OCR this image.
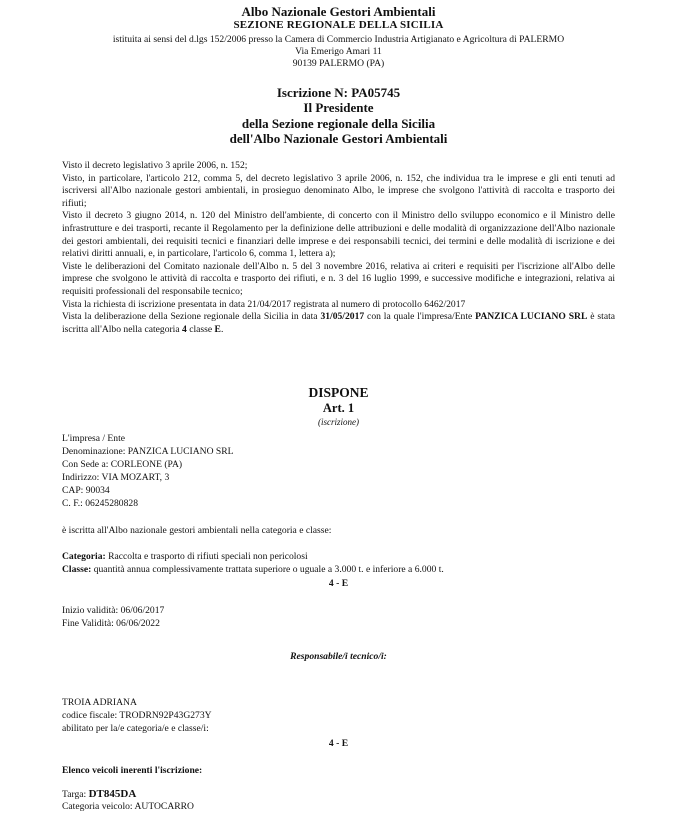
Albo Nazionale Gestori Ambientali
SEZIONE REGIONALE DELLA SICILIA
istituita ai sensi del d.lgs 152/2006 presso la Camera di Commercio Industria Artigianato e Agricoltura di PALERMO
Via Emerigo Amari 11
90139 PALERMO (PA)
Iscrizione N: PA05745
Il Presidente
della Sezione regionale della Sicilia
dell'Albo Nazionale Gestori Ambientali

Visto il decreto legislativo 3 aprile 2006, n. 152;

Visto, in particolare, l'articolo 212, comma 5, del decreto legislativo 3 aprile 2006, n. 152, che individua tra le imprese e gli enti tenuti ad iscriversi all'Albo nazionale gestori ambientali, in prosieguo denominato Albo, le imprese che svolgono l'attività di raccolta e trasporto dei rifiuti;

Visto il decreto 3 giugno 2014, n. 120 del Ministro dell'ambiente, di concerto con il Ministro dello sviluppo economico e il Ministro delle infrastrutture e dei trasporti, recante il Regolamento per la definizione delle attribuzioni e delle modalità di organizzazione dell'Albo nazionale dei gestori ambientali, dei requisiti tecnici e finanziari delle imprese e dei responsabili tecnici, dei termini e delle modalità di iscrizione e dei relativi diritti annuali, e, in particolare, l'articolo 6, comma 1, lettera a);

Viste le deliberazioni del Comitato nazionale dell'Albo n. 5 del 3 novembre 2016, relativa ai criteri e requisiti per l'iscrizione all'Albo delle imprese che svolgono le attività di raccolta e trasporto dei rifiuti, e n. 3 del 16 luglio 1999, e successive modifiche e integrazioni, relativa ai requisiti professionali del responsabile tecnico;

Vista la richiesta di iscrizione presentata in data 21/04/2017 registrata al numero di protocollo 6462/2017

Vista la deliberazione della Sezione regionale della Sicilia in data 31/05/2017 con la quale l'impresa/Ente PANZICA LUCIANO SRL è stata iscritta all'Albo nella categoria 4 classe E.

DISPONE
Art. 1
(iscrizione)
L'impresa / Ente
Denominazione: PANZICA LUCIANO SRL
Con Sede a: CORLEONE (PA)
Indirizzo: VIA MOZART, 3
CAP: 90034
C. F.: 06245280828
è iscritta all'Albo nazionale gestori ambientali nella categoria e classe:
Categoria: Raccolta e trasporto di rifiuti speciali non pericolosi
Classe: quantità annua complessivamente trattata superiore o uguale a 3.000 t. e inferiore a 6.000 t.
4 - E
Inizio validità: 06/06/2017
Fine Validità: 06/06/2022
Responsabile/i tecnico/i:
TROIA ADRIANA
codice fiscale: TRODRN92P43G273Y
abilitato per la/e categoria/e e classe/i:
4 - E
Elenco veicoli inerenti l'iscrizione:
Targa: DT845DA
Categoria veicolo: AUTOCARRO
